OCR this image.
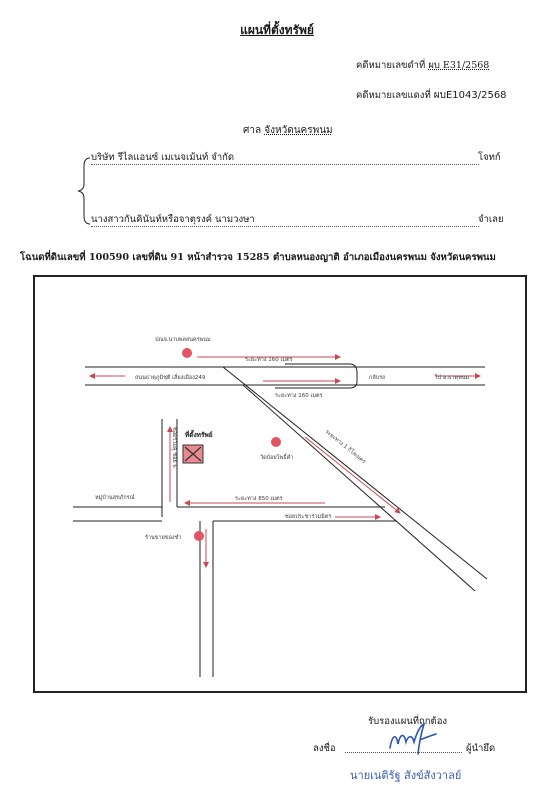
แผนที่ตั้งทรัพย์
คดีหมายเลขดำที่ ผบ E31/2568
คดีหมายเลขแดงที่ ผบE1043/2568
ศาล จังหวัดนครพนม
บริษัท รีไลแอนซ์ เมเนจเม้นท์ จำกัด	โจทก์
นางสาวกันคินันท์หรือจาตุรงค์ นามวงษา	จำเลย
โฉนดที่ดินเลขที่ 100590 เลขที่ดิน 91 หน้าสำรวจ 15285 ตำบลหนองญาติ อำเภอเมืองนครพนม จังหวัดนครพนม
ปณจ.นาบพลสนครพนม
ระยะทาง 160 เมตร
ถนนธาตุภูมิชุติ เลี่ยงเมือง249	กลับรถ	ไป อ.ธาตุพนม
ระยะทาง 160 เมตร
ซอยร่วมคู่ ซอย 6 ที่ตั้งทรัพย์
วัดบ้อยโพธิ์คำ	ระยะทาง 1 กิโลเมตร
หมู่บ้านสุขภักรณ์	ระยะทาง 850 เมตร
ซอยประชาร่วมมิตร
ร้านขายของชำ
รับรองแผนที่ถูกต้อง
ลงชื่อ	ผู้นำยึด
นายเนติรัฐ สังข์สังวาลย์
